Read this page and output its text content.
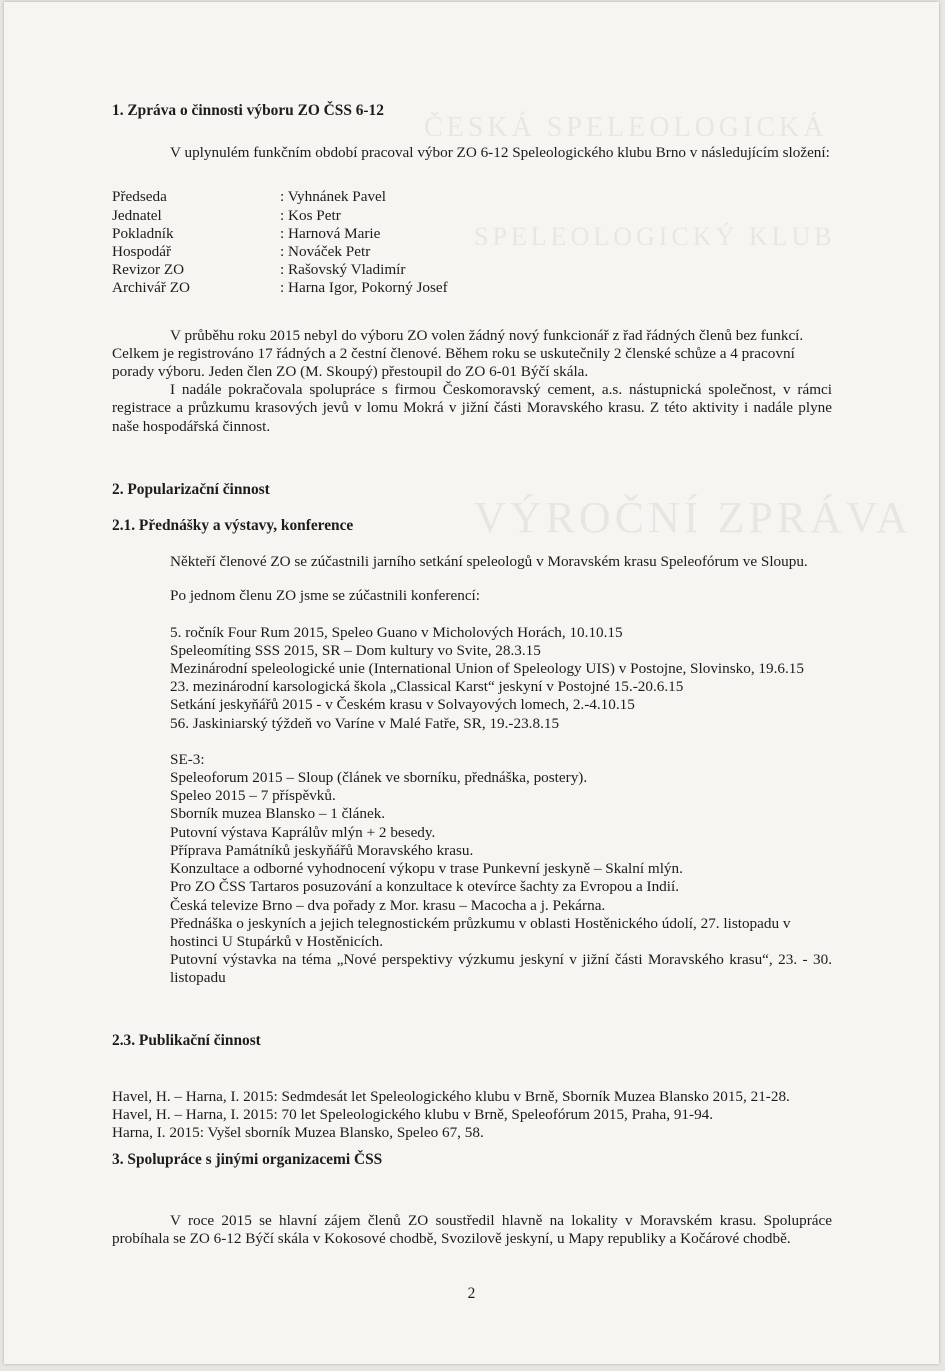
ČESKÁ SPELEOLOGICKÁ
SPELEOLOGICKÝ KLUB
VÝROČNÍ ZPRÁVA
1. Zpráva o činnosti výboru ZO ČSS 6-12

V uplynulém funkčním období pracoval výbor ZO 6-12 Speleologického klubu Brno v následujícím složení:

Předseda	: Vyhnánek Pavel
Jednatel	: Kos Petr
Pokladník	: Harnová Marie
Hospodář	: Nováček Petr
Revizor ZO	: Rašovský Vladimír
Archivář ZO	: Harna Igor, Pokorný Josef

V průběhu roku 2015 nebyl do výboru ZO volen žádný nový funkcionář z řad řádných členů bez funkcí. Celkem je registrováno 17 řádných a 2 čestní členové. Během roku se uskutečnily 2 členské schůze a 4 pracovní porady výboru. Jeden člen ZO (M. Skoupý) přestoupil do ZO 6-01 Býčí skála.

I nadále pokračovala spolupráce s firmou Českomoravský cement, a.s. nástupnická společnost, v rámci registrace a průzkumu krasových jevů v lomu Mokrá v jižní části Moravského krasu. Z této aktivity i nadále plyne naše hospodářská činnost.

2. Popularizační činnost
2.1. Přednášky a výstavy, konference

Někteří členové ZO se zúčastnili jarního setkání speleologů v Moravském krasu Speleofórum ve Sloupu.

Po jednom členu ZO jsme se zúčastnili konferencí:

5. ročník Four Rum 2015, Speleo Guano v Micholových Horách, 10.10.15

Speleomíting SSS 2015, SR – Dom kultury vo Svite, 28.3.15

Mezinárodní speleologické unie (International Union of Speleology UIS) v Postojne, Slovinsko, 19.6.15

23. mezinárodní karsologická škola „Classical Karst“ jeskyní v Postojné 15.-20.6.15

Setkání jeskyňářů 2015 - v Českém krasu v Solvayových lomech, 2.-4.10.15

56. Jaskiniarský týždeň vo Varíne v Malé Fatře, SR, 19.-23.8.15

SE-3:

Speleoforum 2015 – Sloup (článek ve sborníku, přednáška, postery).

Speleo 2015 – 7 příspěvků.

Sborník muzea Blansko – 1 článek.

Putovní výstava Kaprálův mlýn + 2 besedy.

Příprava Památníků jeskyňářů Moravského krasu.

Konzultace a odborné vyhodnocení výkopu v trase Punkevní jeskyně – Skalní mlýn.

Pro ZO ČSS Tartaros posuzování a konzultace k otevírce šachty za Evropou a Indií.

Česká televize Brno – dva pořady z Mor. krasu – Macocha a j. Pekárna.

Přednáška o jeskyních a jejich telegnostickém průzkumu v oblasti Hostěnického údolí, 27. listopadu v hostinci U Stupárků v Hostěnicích.

Putovní výstavka na téma „Nové perspektivy výzkumu jeskyní v jižní části Moravského krasu“, 23. - 30. listopadu

2.3. Publikační činnost

Havel, H. – Harna, I. 2015: Sedmdesát let Speleologického klubu v Brně, Sborník Muzea Blansko 2015, 21-28.

Havel, H. – Harna, I. 2015: 70 let Speleologického klubu v Brně, Speleofórum 2015, Praha, 91-94.

Harna, I. 2015: Vyšel sborník Muzea Blansko, Speleo 67, 58.

3. Spolupráce s jinými organizacemi ČSS

V roce 2015 se hlavní zájem členů ZO soustředil hlavně na lokality v Moravském krasu. Spolupráce probíhala se ZO 6-12 Býčí skála v Kokosové chodbě, Svozilově jeskyní, u Mapy republiky a Kočárové chodbě.

2
